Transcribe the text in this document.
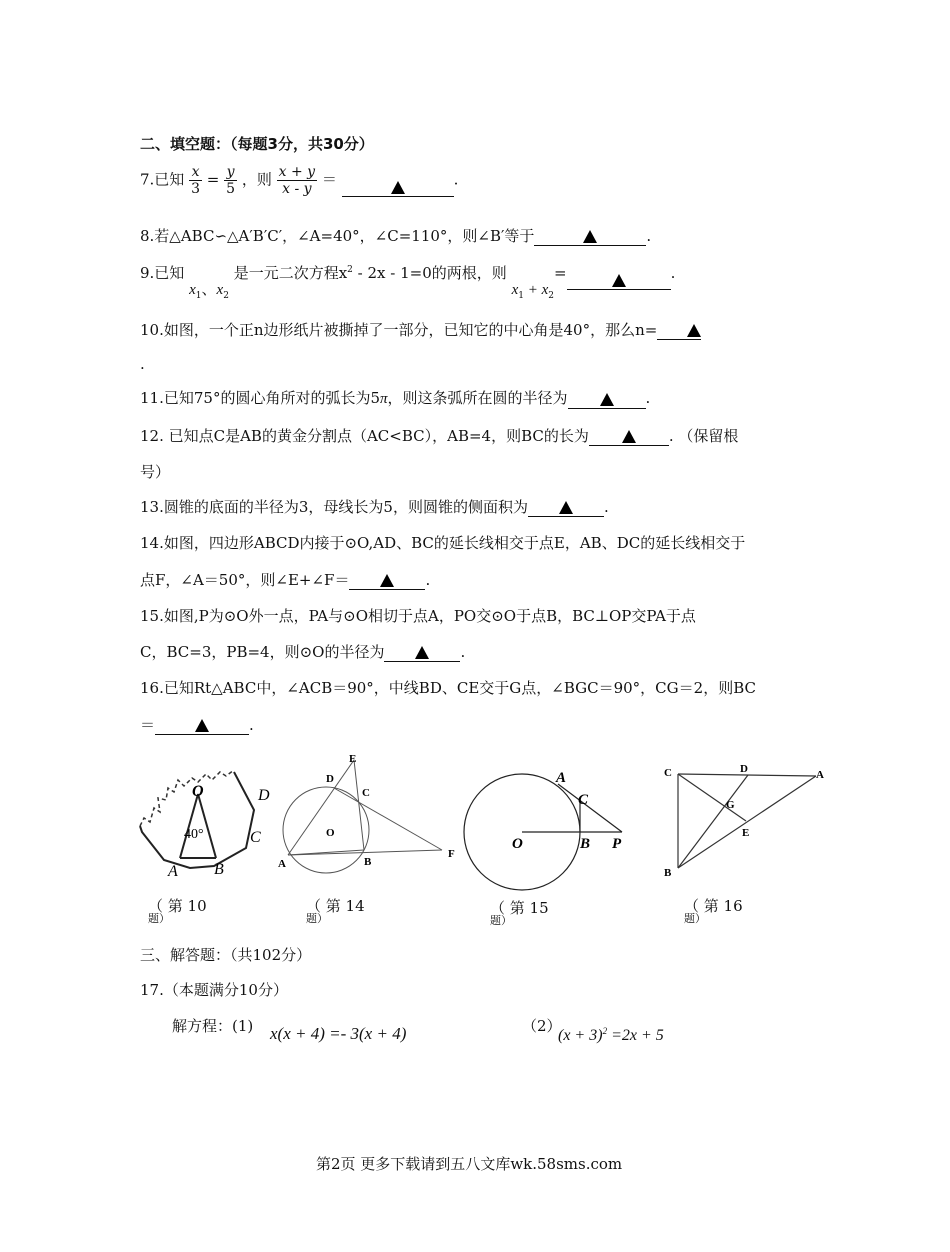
二、填空题：（每题3分，共30分）
7.已知 $\frac{x}{3} = \frac{y}{5}$ ，则 $\frac{x + y}{x - y}$ ＝	.
8.若△ABC∽△A′B′C′，∠A=40°，∠C=110°，则∠B′等于	.
9.已知 $x_1$、$x_2$ 是一元二次方程$x^2 - 2x - 1=0$的两根，则 $x_1 + x_2=$	.
10.如图，一个正n边形纸片被撕掉了一部分，已知它的中心角是40°，那么n=
.
11.已知75°的圆心角所对的弧长为5π，则这条弧所在圆的半径为	.
12. 已知点C是AB的黄金分割点（AC<BC），AB=4，则BC的长为	. （保留根
号）
13.圆锥的底面的半径为3，母线长为5，则圆锥的侧面积为	.
14.如图，四边形ABCD内接于⊙O,AD、BC的延长线相交于点E，AB、DC的延长线相交于
点F，∠A＝50°，则∠E+∠F＝	.
15.如图,P为⊙O外一点，PA与⊙O相切于点A，PO交⊙O于点B，BC⊥OP交PA于点
C，BC=3，PB=4，则⊙O的半径为	.
16.已知Rt△ABC中，∠ACB＝90°，中线BD、CE交于G点，∠BGC＝90°，CG＝2，则BC
＝	.
O
40°
A B
C
D
（ 第 10
题）
E
D
C
O
A	B
F
（ 第 14
题）
A
C
O	B P
（ 第 15
题）
C	D	A
G
E
B
（ 第 16
题）
三、解答题：（共102分）
17.（本题满分10分）
解方程：(1) x(x + 4) =- 3(x + 4)	（2）
$(x + 3)^2 =2x + 5$
第2页 更多下载请到五八文库wk.58sms.com
